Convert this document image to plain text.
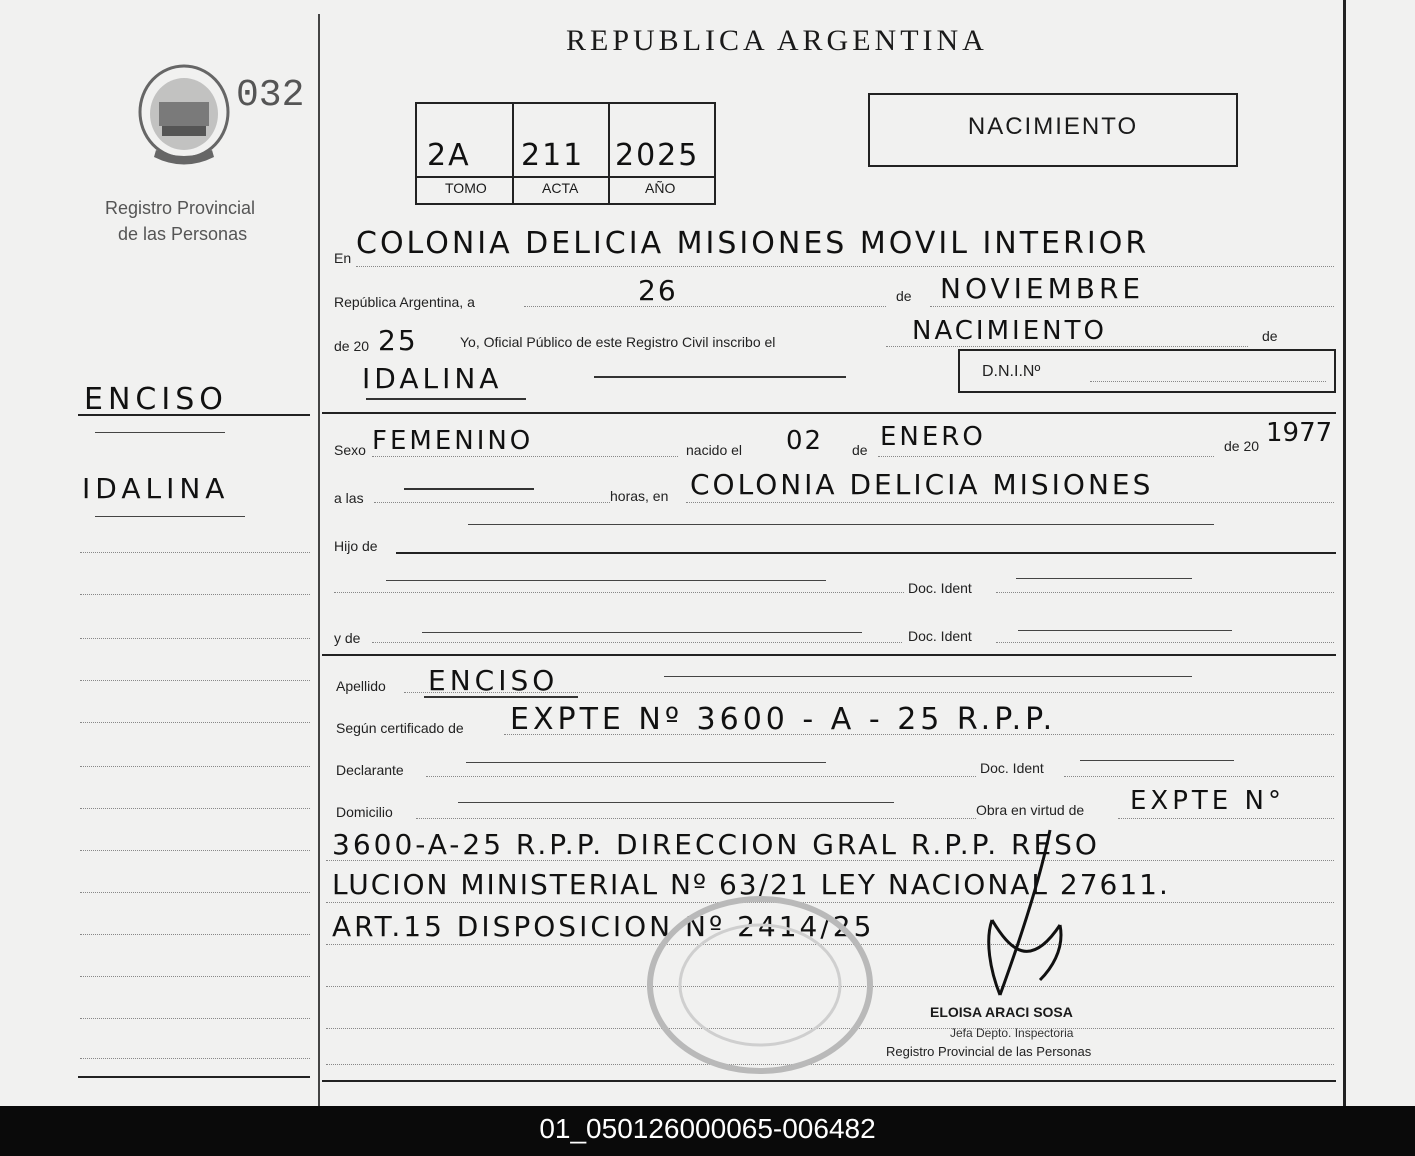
032
Registro Provincial
de las Personas
REPUBLICA ARGENTINA
2A 211 2025
TOMO	ACTA	AÑO
NACIMIENTO
ENCISO
IDALINA
En COLONIA DELICIA MISIONES MOVIL INTERIOR
República Argentina, a	26	de NOVIEMBRE
de 20 25	Yo, Oficial Público de este Registro Civil inscribo el	NACIMIENTO	de
IDALINA	D.N.I.Nº
Sexo FEMENINO	nacido el 02 de ENERO	de 20 1977
a las	horas, en COLONIA DELICIA MISIONES
Hijo de
Doc. Ident
y de	Doc. Ident
Apellido ENCISO
Según certificado de EXPTE Nº 3600 - A - 25 R.P.P.
Declarante	Doc. Ident
Domicilio	Obra en virtud de EXPTE N°
3600-A-25 R.P.P. DIRECCION GRAL R.P.P. RESO
LUCION MINISTERIAL Nº 63/21 LEY NACIONAL 27611.
ART.15 DISPOSICION Nº 2414/25
ELOISA ARACI SOSA
Jefa Depto. Inspectoria
Registro Provincial de las Personas
01_050126000065-006482
